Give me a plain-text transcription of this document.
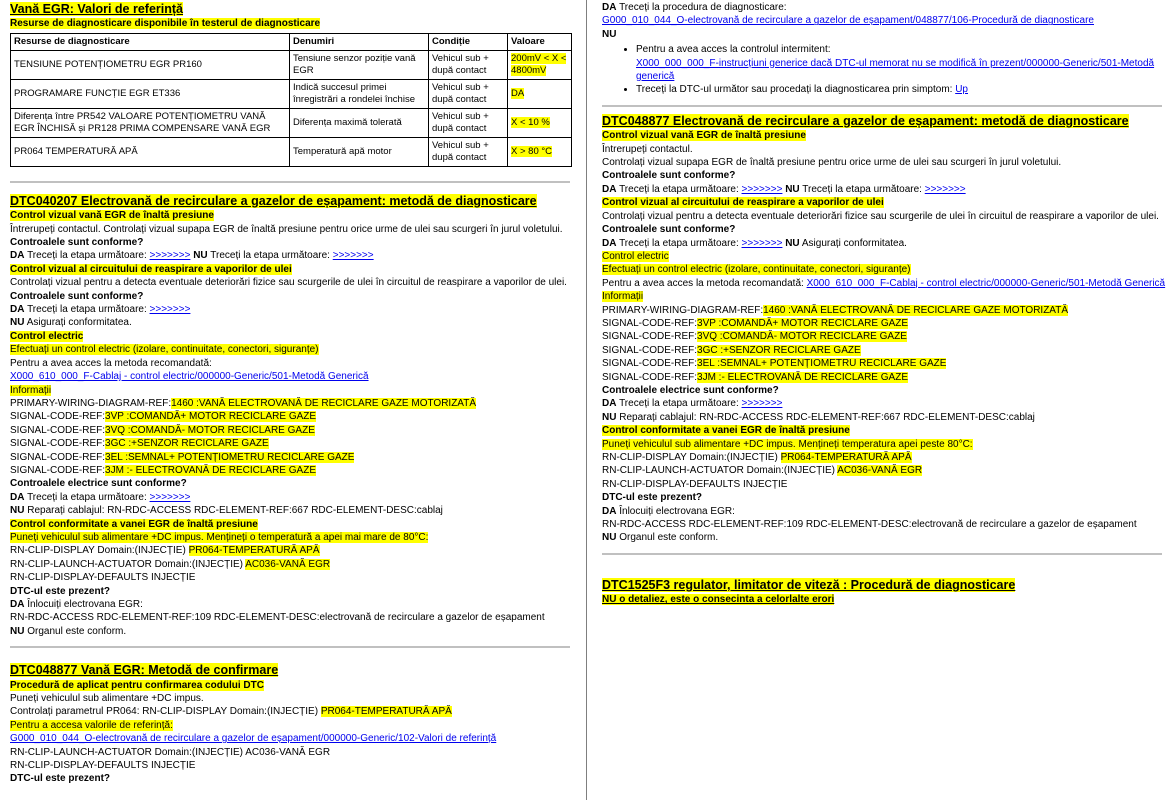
Vană EGR: Valori de referință
Resurse de diagnosticare disponibile în testerul de diagnosticare
Resurse de diagnosticare	Denumiri	Condiție	Valoare
TENSIUNE POTENȚIOMETRU EGR PR160	Tensiune senzor poziție vană EGR	Vehicul sub + după contact	200mV < X < 4800mV
PROGRAMARE FUNCȚIE EGR ET336	Indică succesul primei înregistrări a rondelei închise	Vehicul sub + după contact	DA
Diferența între PR542 VALOARE POTENȚIOMETRU VANĂ EGR ÎNCHISĂ și PR128 PRIMA COMPENSARE VANĂ EGR	Diferența maximă tolerată	Vehicul sub + după contact	X < 10 %
PR064 TEMPERATURĂ APĂ	Temperatură apă motor	Vehicul sub + după contact	X > 80 °C
DTC040207 Electrovană de recirculare a gazelor de eșapament: metodă de diagnosticare
Control vizual vană EGR de înaltă presiune
Întrerupeți contactul. Controlați vizual supapa EGR de înaltă presiune pentru orice urme de ulei sau scurgeri în jurul voletului.
Controalele sunt conforme?
DA Treceți la etapa următoare: >>>>>>> NU Treceți la etapa următoare: >>>>>>>
Control vizual al circuitului de reaspirare a vaporilor de ulei
Controlați vizual pentru a detecta eventuale deteriorări fizice sau scurgerile de ulei în circuitul de reaspirare a vaporilor de ulei.
Controalele sunt conforme?
DA Treceți la etapa următoare: >>>>>>>
NU Asigurați conformitatea.
Control electric
Efectuați un control electric (izolare, continuitate, conectori, siguranțe)
Pentru a avea acces la metoda recomandată:
X000_610_000_F-Cablaj - control electric/000000-Generic/501-Metodă Generică
Informații
PRIMARY-WIRING-DIAGRAM-REF:1460 :VANĂ ELECTROVANĂ DE RECICLARE GAZE MOTORIZATĂ
SIGNAL-CODE-REF:3VP :COMANDĂ+ MOTOR RECICLARE GAZE
SIGNAL-CODE-REF:3VQ :COMANDĂ- MOTOR RECICLARE GAZE
SIGNAL-CODE-REF:3GC :+SENZOR RECICLARE GAZE
SIGNAL-CODE-REF:3EL :SEMNAL+ POTENȚIOMETRU RECICLARE GAZE
SIGNAL-CODE-REF:3JM :- ELECTROVANĂ DE RECICLARE GAZE
Controalele electrice sunt conforme?
DA Treceți la etapa următoare: >>>>>>>
NU Reparați cablajul: RN-RDC-ACCESS RDC-ELEMENT-REF:667 RDC-ELEMENT-DESC:cablaj
Control conformitate a vanei EGR de înaltă presiune
Puneți vehiculul sub alimentare +DC impus. Mențineți o temperatură a apei mai mare de 80°C:
RN-CLIP-DISPLAY Domain:(INJECȚIE) PR064-TEMPERATURĂ APĂ
RN-CLIP-LAUNCH-ACTUATOR Domain:(INJECȚIE) AC036-VANĂ EGR
RN-CLIP-DISPLAY-DEFAULTS INJECȚIE
DTC-ul este prezent?
DA Înlocuiți electrovana EGR:
RN-RDC-ACCESS RDC-ELEMENT-REF:109 RDC-ELEMENT-DESC:electrovană de recirculare a gazelor de eșapament
NU Organul este conform.
DTC048877 Vană EGR: Metodă de confirmare
Procedură de aplicat pentru confirmarea codului DTC
Puneți vehiculul sub alimentare +DC impus.
Controlați parametrul PR064: RN-CLIP-DISPLAY Domain:(INJECȚIE) PR064-TEMPERATURĂ APĂ
Pentru a accesa valorile de referință:
G000_010_044_O-electrovană de recirculare a gazelor de eșapament/000000-Generic/102-Valori de referință
RN-CLIP-LAUNCH-ACTUATOR Domain:(INJECȚIE) AC036-VANĂ EGR
RN-CLIP-DISPLAY-DEFAULTS INJECȚIE
DTC-ul este prezent?
DA Treceți la procedura de diagnosticare:
G000_010_044_O-electrovană de recirculare a gazelor de eșapament/048877/106-Procedură de diagnosticare
NU
• Pentru a avea acces la controlul intermitent:
X000_000_000_F-instrucțiuni generice dacă DTC-ul memorat nu se modifică în prezent/000000-Generic/501-Metodă generică
• Treceți la DTC-ul următor sau procedați la diagnosticarea prin simptom: Up
DTC048877 Electrovană de recirculare a gazelor de eșapament: metodă de diagnosticare
Control vizual vană EGR de înaltă presiune
Întrerupeți contactul.
Controlați vizual supapa EGR de înaltă presiune pentru orice urme de ulei sau scurgeri în jurul voletului.
Controalele sunt conforme?
DA Treceți la etapa următoare: >>>>>>> NU Treceți la etapa următoare: >>>>>>>
Control vizual al circuitului de reaspirare a vaporilor de ulei
Controlați vizual pentru a detecta eventuale deteriorări fizice sau scurgerile de ulei în circuitul de reaspirare a vaporilor de ulei.
Controalele sunt conforme?
DA Treceți la etapa următoare: >>>>>>> NU Asigurați conformitatea.
Control electric
Efectuați un control electric (izolare, continuitate, conectori, siguranțe)
Pentru a avea acces la metoda recomandată: X000_610_000_F-Cablaj - control electric/000000-Generic/501-Metodă Generică
Informații
PRIMARY-WIRING-DIAGRAM-REF:1460 :VANĂ ELECTROVANĂ DE RECICLARE GAZE MOTORIZATĂ
SIGNAL-CODE-REF:3VP :COMANDĂ+ MOTOR RECICLARE GAZE
SIGNAL-CODE-REF:3VQ :COMANDĂ- MOTOR RECICLARE GAZE
SIGNAL-CODE-REF:3GC :+SENZOR RECICLARE GAZE
SIGNAL-CODE-REF:3EL :SEMNAL+ POTENȚIOMETRU RECICLARE GAZE
SIGNAL-CODE-REF:3JM :- ELECTROVANĂ DE RECICLARE GAZE
Controalele electrice sunt conforme?
DA Treceți la etapa următoare: >>>>>>>
NU Reparați cablajul: RN-RDC-ACCESS RDC-ELEMENT-REF:667 RDC-ELEMENT-DESC:cablaj
Control conformitate a vanei EGR de înaltă presiune
Puneți vehiculul sub alimentare +DC impus. Mențineți temperatura apei peste 80°C:
RN-CLIP-DISPLAY Domain:(INJECȚIE) PR064-TEMPERATURĂ APĂ
RN-CLIP-LAUNCH-ACTUATOR Domain:(INJECȚIE) AC036-VANĂ EGR
RN-CLIP-DISPLAY-DEFAULTS INJECȚIE
DTC-ul este prezent?
DA Înlocuiți electrovana EGR:
RN-RDC-ACCESS RDC-ELEMENT-REF:109 RDC-ELEMENT-DESC:electrovană de recirculare a gazelor de eșapament
NU Organul este conform.
DTC1525F3 regulator, limitator de viteză : Procedură de diagnosticare
NU o detaliez, este o consecinta a celorlalte erori
